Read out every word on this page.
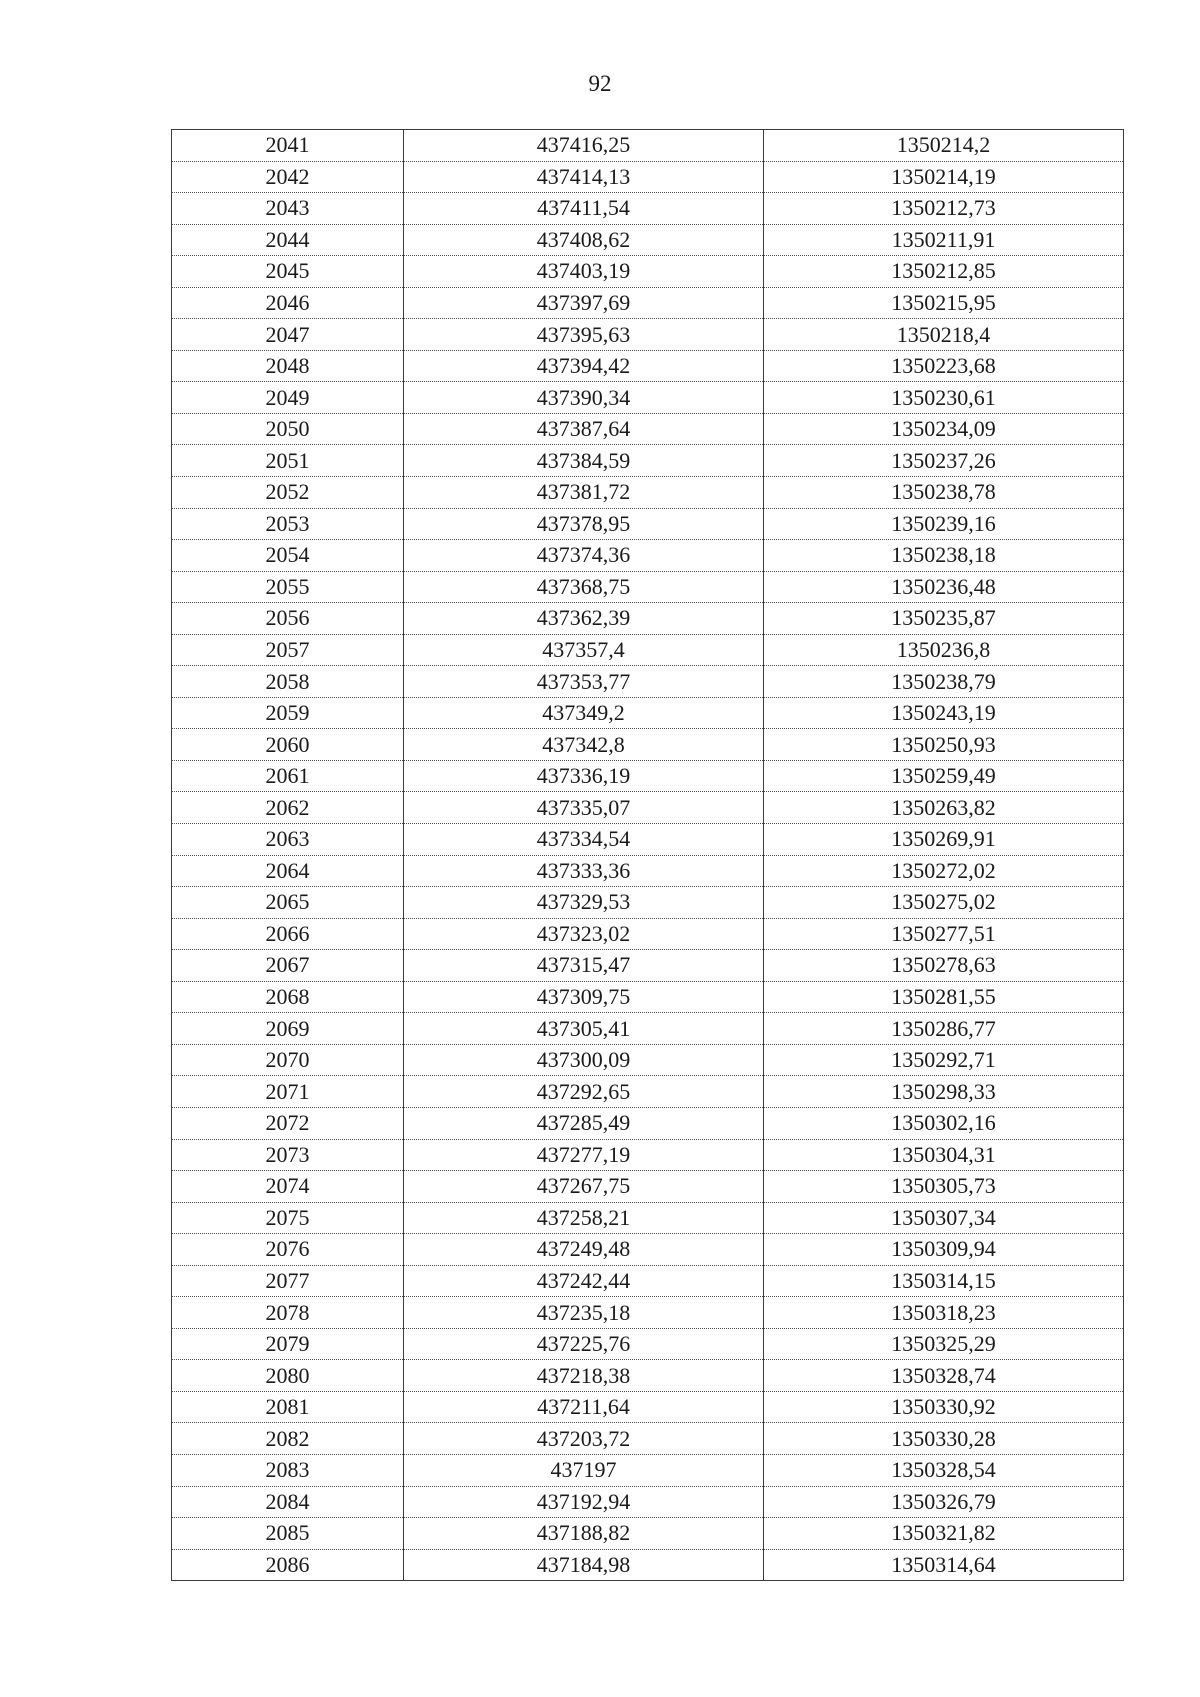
92
2041	437416,25	1350214,2
2042	437414,13	1350214,19
2043	437411,54	1350212,73
2044	437408,62	1350211,91
2045	437403,19	1350212,85
2046	437397,69	1350215,95
2047	437395,63	1350218,4
2048	437394,42	1350223,68
2049	437390,34	1350230,61
2050	437387,64	1350234,09
2051	437384,59	1350237,26
2052	437381,72	1350238,78
2053	437378,95	1350239,16
2054	437374,36	1350238,18
2055	437368,75	1350236,48
2056	437362,39	1350235,87
2057	437357,4	1350236,8
2058	437353,77	1350238,79
2059	437349,2	1350243,19
2060	437342,8	1350250,93
2061	437336,19	1350259,49
2062	437335,07	1350263,82
2063	437334,54	1350269,91
2064	437333,36	1350272,02
2065	437329,53	1350275,02
2066	437323,02	1350277,51
2067	437315,47	1350278,63
2068	437309,75	1350281,55
2069	437305,41	1350286,77
2070	437300,09	1350292,71
2071	437292,65	1350298,33
2072	437285,49	1350302,16
2073	437277,19	1350304,31
2074	437267,75	1350305,73
2075	437258,21	1350307,34
2076	437249,48	1350309,94
2077	437242,44	1350314,15
2078	437235,18	1350318,23
2079	437225,76	1350325,29
2080	437218,38	1350328,74
2081	437211,64	1350330,92
2082	437203,72	1350330,28
2083	437197	1350328,54
2084	437192,94	1350326,79
2085	437188,82	1350321,82
2086	437184,98	1350314,64
